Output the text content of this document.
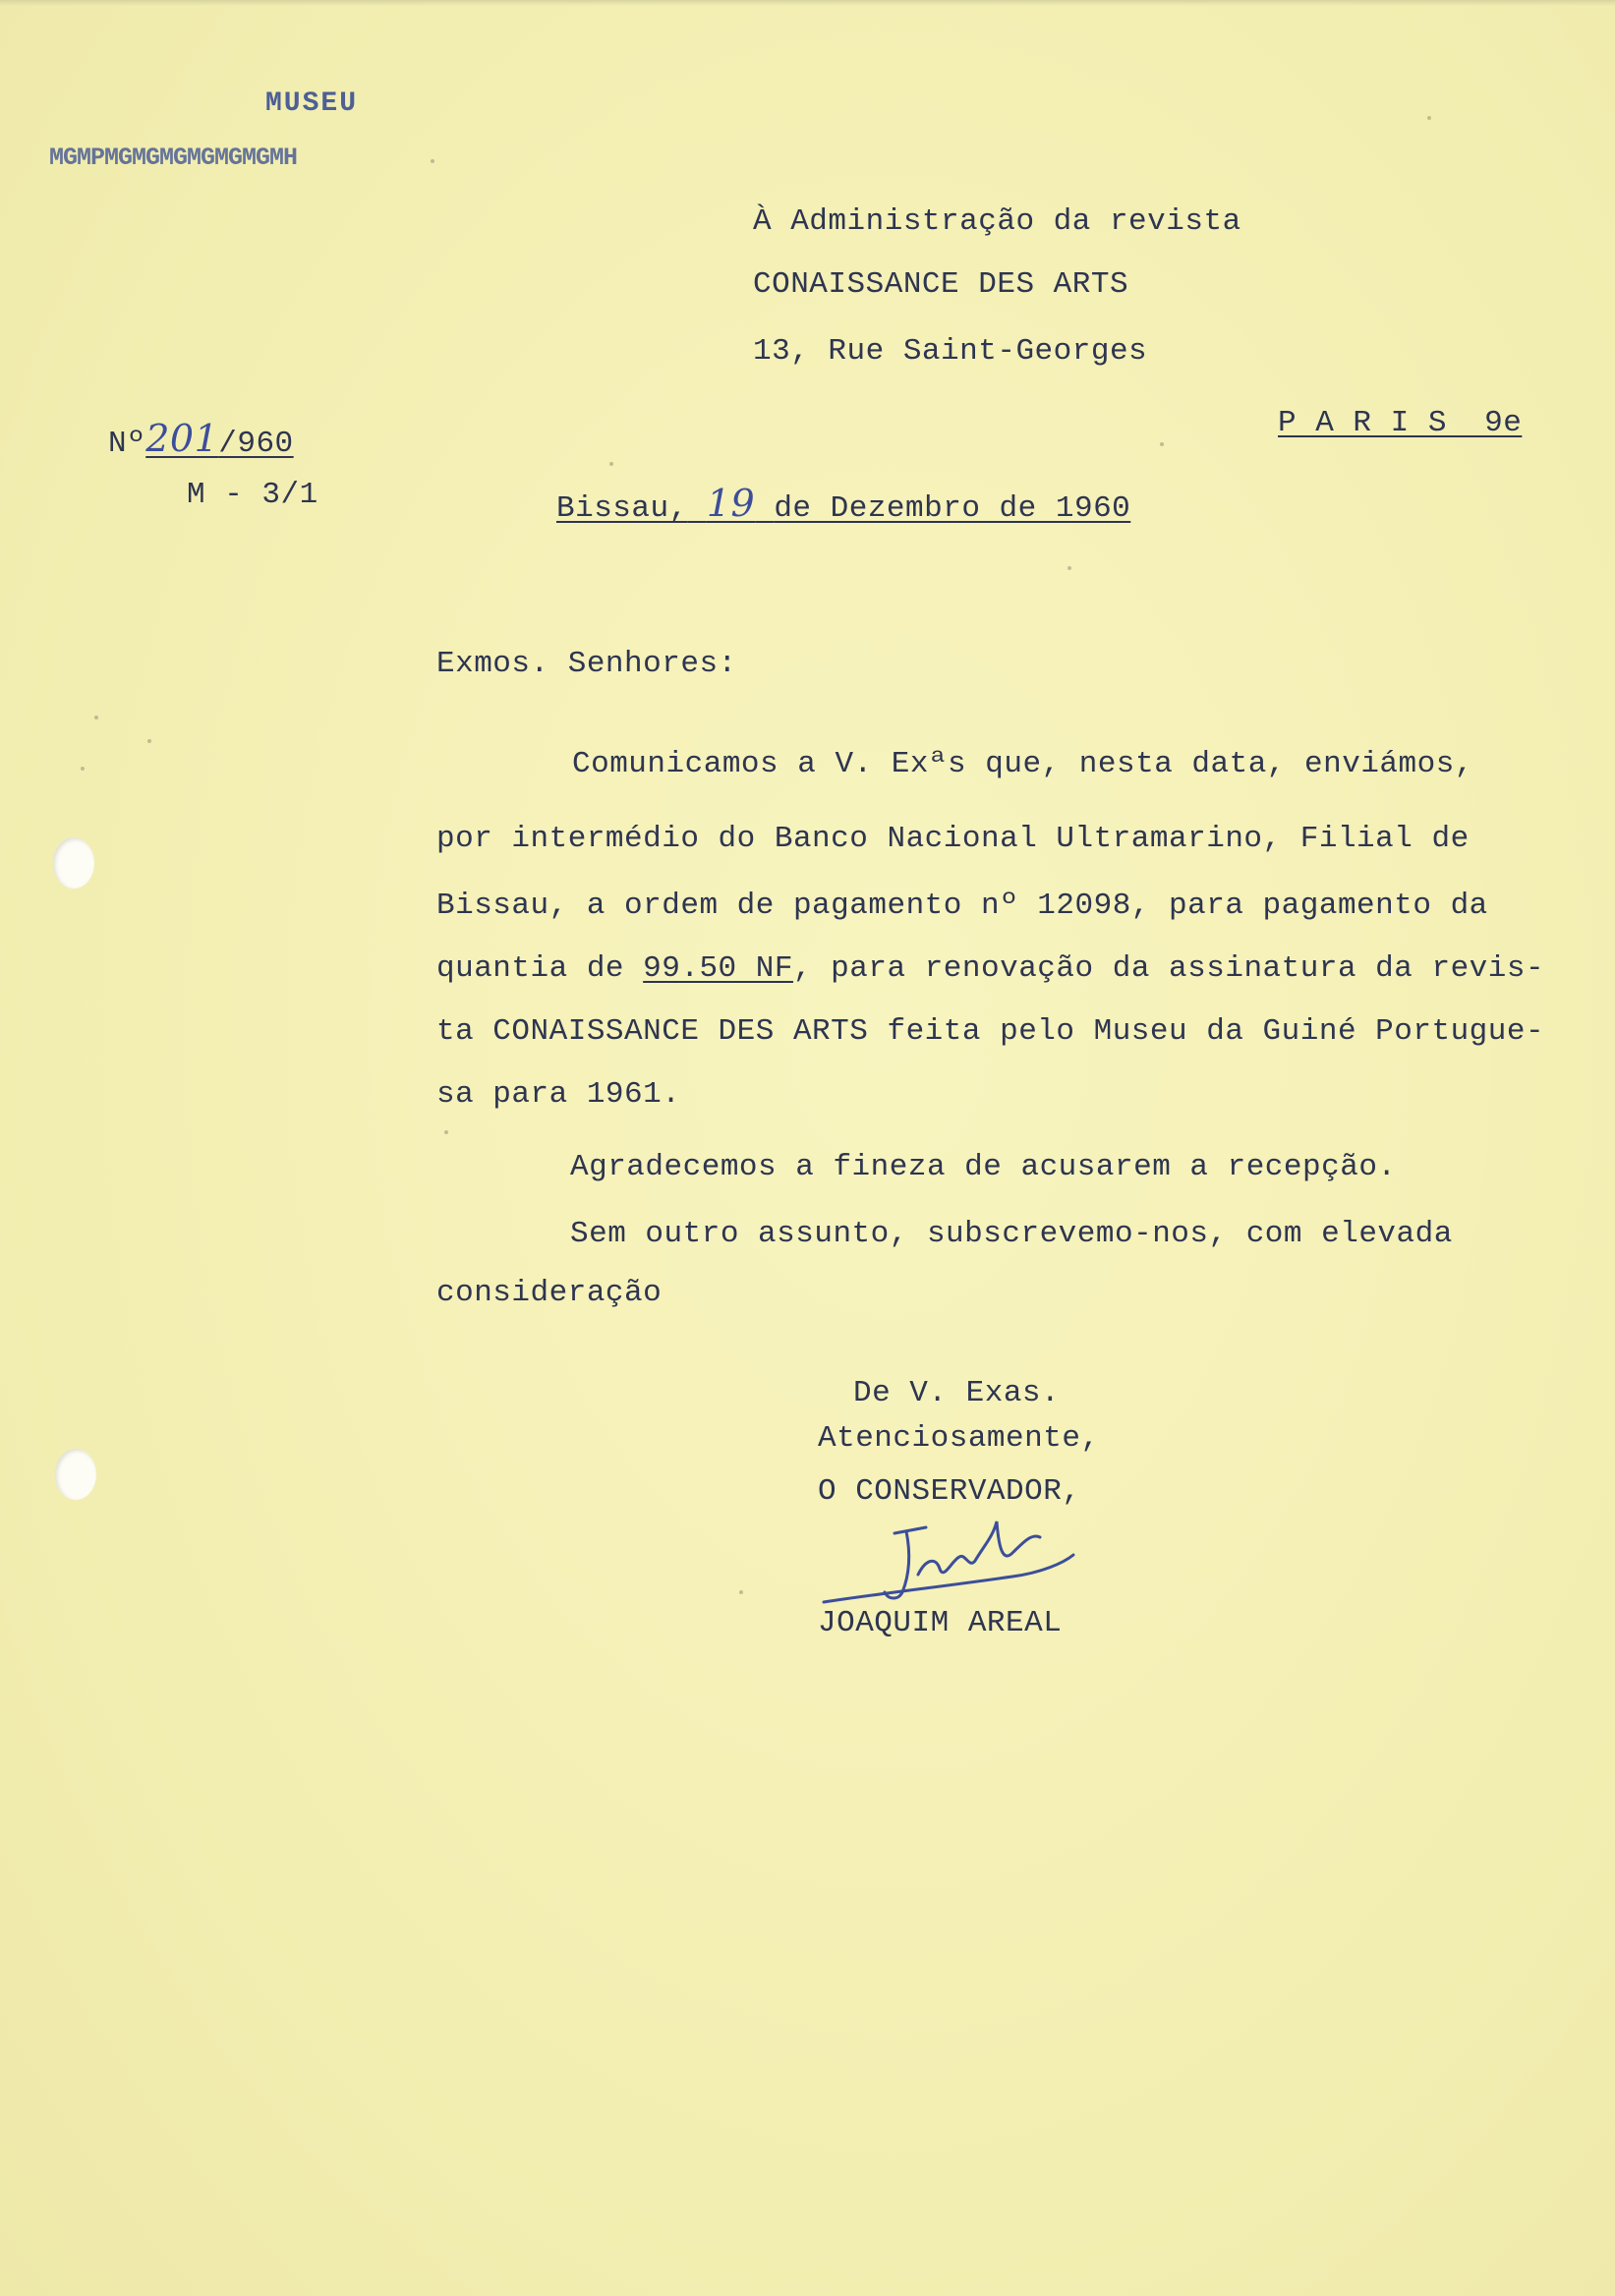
MUSEU
MGMPMGMGMGMGMGMGMH
À Administração da revista
CONAISSANCE DES ARTS
13, Rue Saint-Georges
P A R I S  9e
Nº201/960
M - 3/1	Bissau, 19 de Dezembro de 1960
Exmos. Senhores:
Comunicamos a V. Exªs que, nesta data, enviámos,
por intermédio do Banco Nacional Ultramarino, Filial de
Bissau, a ordem de pagamento nº 12098, para pagamento da
quantia de 99.50 NF, para renovação da assinatura da revis-
ta CONAISSANCE DES ARTS feita pelo Museu da Guiné Portugue-
sa para 1961.
Agradecemos a fineza de acusarem a recepção.
Sem outro assunto, subscrevemo-nos, com elevada
consideração
De V. Exas.
Atenciosamente,
O CONSERVADOR,
JOAQUIM AREAL
